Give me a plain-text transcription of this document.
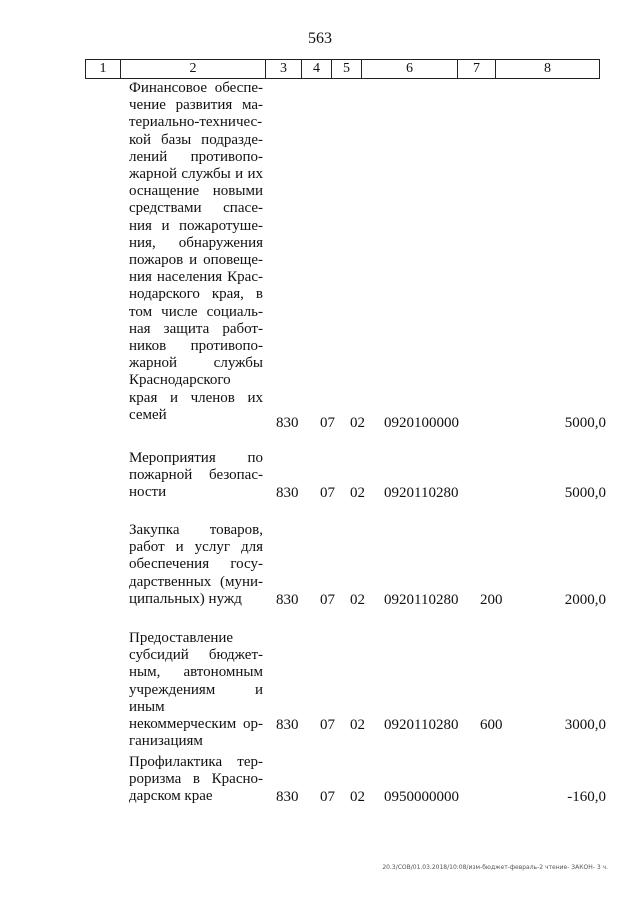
563
1	2	3	4	5	6	7	8
Финансовое обеспе-
чение развития ма-
териально-техничес-
кой базы подразде-
лений противопо-
жарной службы и их
оснащение новыми
средствами спасе-
ния и пожаротуше-
ния, обнаружения
пожаров и оповеще-
ния населения Крас-
нодарского края, в
том числе социаль-
ная защита работ-
ников противопо-
жарной службы
Краснодарского
края и членов их
семей
830 07 02 0920100000	5000,0
Мероприятия по
пожарной безопас-
ности	830 07 02 0920110280	5000,0
Закупка товаров,
работ и услуг для
обеспечения госу-
дарственных (муни-
ципальных) нужд	830 07 02 0920110280 200	2000,0
Предоставление
субсидий бюджет-
ным, автономным
учреждениям и иным
некоммерческим ор-
ганизациям
830 07 02 0920110280 600	3000,0
Профилактика тер-
роризма в Красно-
дарском крае	830 07 02 0950000000	-160,0
20.3/СОВ/01.03.2018/10:08/изм-бюджет-февраль-2 чтение- ЗАКОН- 3 ч.
